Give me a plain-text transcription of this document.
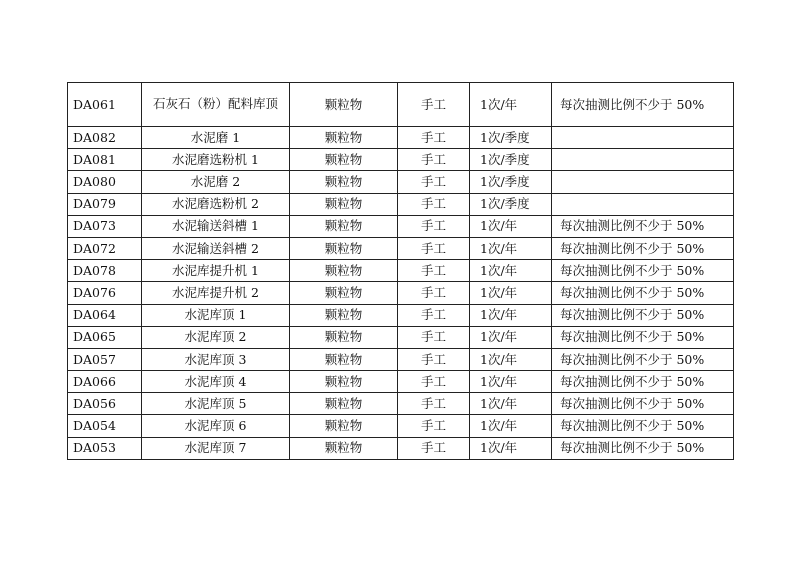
DA061	石灰石（粉）配料库顶	颗粒物	手工	1次/年	每次抽测比例不少于 50%
DA082	水泥磨 1	颗粒物	手工	1次/季度	
DA081	水泥磨选粉机 1	颗粒物	手工	1次/季度	
DA080	水泥磨 2	颗粒物	手工	1次/季度	
DA079	水泥磨选粉机 2	颗粒物	手工	1次/季度	
DA073	水泥输送斜槽 1	颗粒物	手工	1次/年	每次抽测比例不少于 50%
DA072	水泥输送斜槽 2	颗粒物	手工	1次/年	每次抽测比例不少于 50%
DA078	水泥库提升机 1	颗粒物	手工	1次/年	每次抽测比例不少于 50%
DA076	水泥库提升机 2	颗粒物	手工	1次/年	每次抽测比例不少于 50%
DA064	水泥库顶 1	颗粒物	手工	1次/年	每次抽测比例不少于 50%
DA065	水泥库顶 2	颗粒物	手工	1次/年	每次抽测比例不少于 50%
DA057	水泥库顶 3	颗粒物	手工	1次/年	每次抽测比例不少于 50%
DA066	水泥库顶 4	颗粒物	手工	1次/年	每次抽测比例不少于 50%
DA056	水泥库顶 5	颗粒物	手工	1次/年	每次抽测比例不少于 50%
DA054	水泥库顶 6	颗粒物	手工	1次/年	每次抽测比例不少于 50%
DA053	水泥库顶 7	颗粒物	手工	1次/年	每次抽测比例不少于 50%
